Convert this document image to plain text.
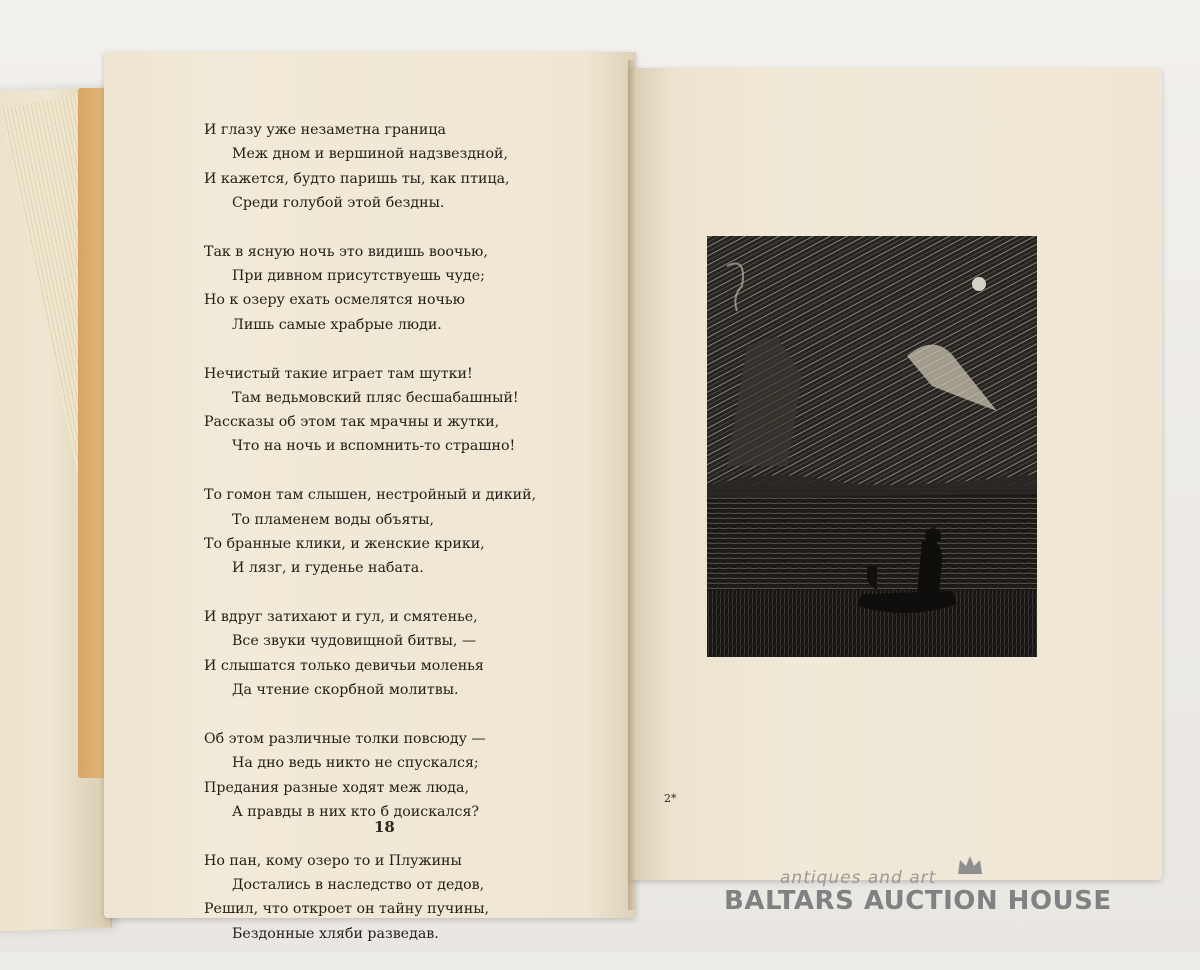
И глазу уже незаметна граница
Меж дном и вершиной надзвездной,
И кажется, будто паришь ты, как птица,
Среди голубой этой бездны.
Так в ясную ночь это видишь воочью,
При дивном присутствуешь чуде;
Но к озеру ехать осмелятся ночью
Лишь самые храбрые люди.
Нечистый такие играет там шутки!
Там ведьмовский пляс бесшабашный!
Рассказы об этом так мрачны и жутки,
Что на ночь и вспомнить-то страшно!
То гомон там слышен, нестройный и дикий,
То пламенем воды объяты,
То бранные клики, и женские крики,
И лязг, и гуденье набата.
И вдруг затихают и гул, и смятенье,
Все звуки чудовищной битвы, —
И слышатся только девичьи моленья
Да чтение скорбной молитвы.
Об этом различные толки повсюду —
На дно ведь никто не спускался;
Предания разные ходят меж люда,
А правды в них кто б доискался?
Но пан, кому озеро то и Плужины
Достались в наследство от дедов,
Решил, что откроет он тайну пучины,
Бездонные хляби разведав.
18
2*
antiques and art
BALTARS AUCTION HOUSE
